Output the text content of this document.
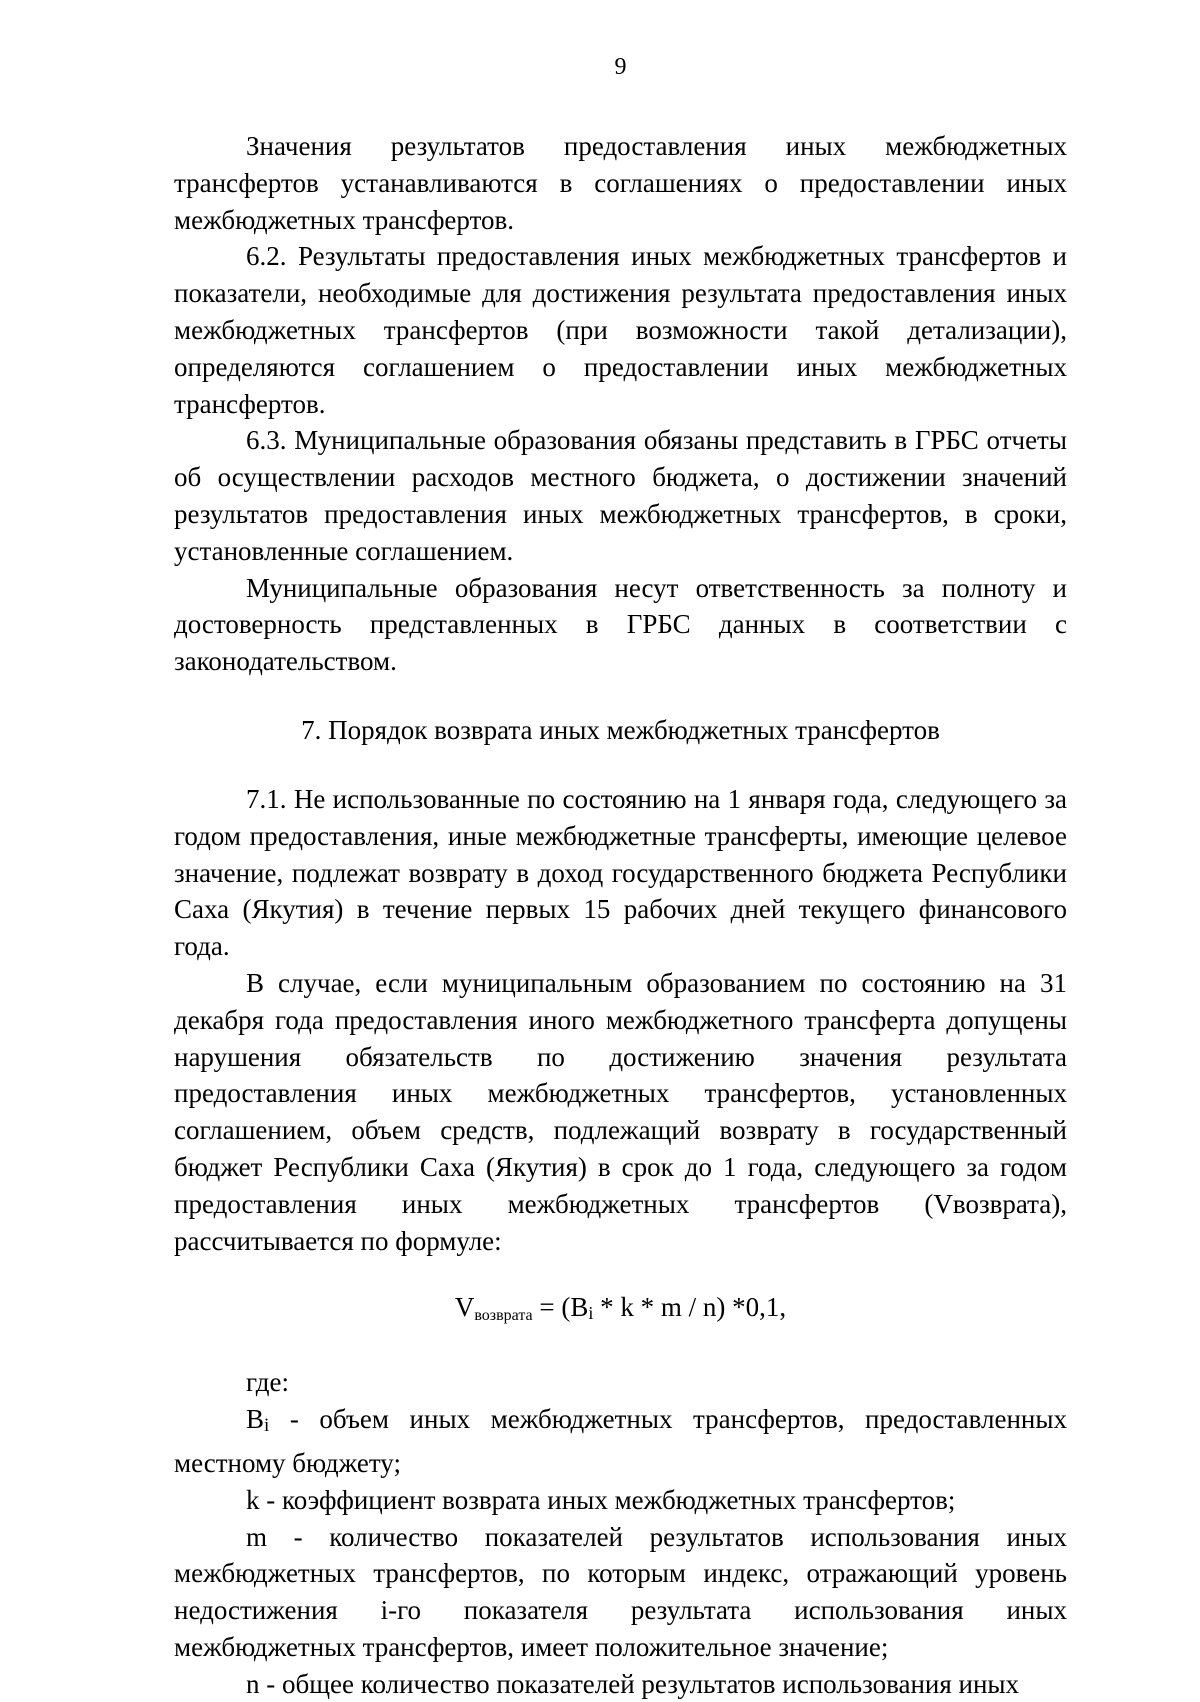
9

Значения результатов предоставления иных межбюджетных трансфертов устанавливаются в соглашениях о предоставлении иных межбюджетных трансфертов.

6.2. Результаты предоставления иных межбюджетных трансфертов и показатели, необходимые для достижения результата предоставления иных межбюджетных трансфертов (при возможности такой детализации), определяются соглашением о предоставлении иных межбюджетных трансфертов.

6.3. Муниципальные образования обязаны представить в ГРБС отчеты об осуществлении расходов местного бюджета, о достижении значений результатов предоставления иных межбюджетных трансфертов, в сроки, установленные соглашением.

Муниципальные образования несут ответственность за полноту и достоверность представленных в ГРБС данных в соответствии с законодательством.

7. Порядок возврата иных межбюджетных трансфертов

7.1. Не использованные по состоянию на 1 января года, следующего за годом предоставления, иные межбюджетные трансферты, имеющие целевое значение, подлежат возврату в доход государственного бюджета Республики Саха (Якутия) в течение первых 15 рабочих дней текущего финансового года.

В случае, если муниципальным образованием по состоянию на 31 декабря года предоставления иного межбюджетного трансферта допущены нарушения обязательств по достижению значения результата предоставления иных межбюджетных трансфертов, установленных соглашением, объем средств, подлежащий возврату в государственный бюджет Республики Саха (Якутия) в срок до 1 года, следующего за годом предоставления иных межбюджетных трансфертов (Vвозврата), рассчитывается по формуле:

$V_{возврата} = (Bi * k * m / n)$ *0,1,

где:

Bi - объем иных межбюджетных трансфертов, предоставленных местному бюджету;

k - коэффициент возврата иных межбюджетных трансфертов;

m - количество показателей результатов использования иных межбюджетных трансфертов, по которым индекс, отражающий уровень недостижения i-го показателя результата использования иных межбюджетных трансфертов, имеет положительное значение;

n - общее количество показателей результатов использования иных
